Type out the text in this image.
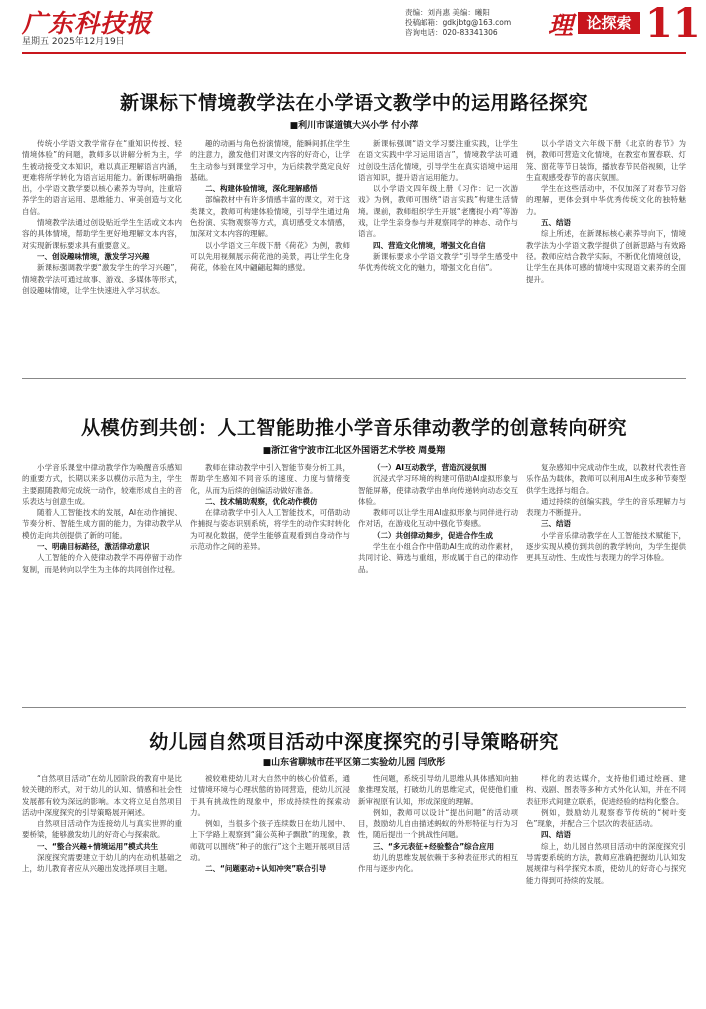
广东科技报
星期五 2025年12月19日
责编：刘肖惠 美编：曦阳
投稿邮箱：gdkjbtg@163.com
咨询电话：020-83341306	理 论探索 11
新课标下情境教学法在小学语文教学中的运用路径探究
■利川市谋道镇大兴小学 付小萍

传统小学语文教学常存在“重知识传授、轻情境体验”的问题，教师多以讲解分析为主，学生被动接受文本知识，难以真正理解语言内涵，更难将所学转化为语言运用能力。新课标明确指出，小学语文教学要以核心素养为导向，注重培养学生的语言运用、思维能力、审美创造与文化自信。

情境教学法通过创设贴近学生生活或文本内容的具体情境，帮助学生更好地理解文本内容，对实现新课标要求具有重要意义。

一、创设趣味情境，激发学习兴趣

新课标强调教学要“激发学生的学习兴趣”，情境教学法可通过故事、游戏、多媒体等形式，创设趣味情境，让学生快速进入学习状态。

趣的动画与角色扮演情境，能瞬间抓住学生的注意力，激发他们对课文内容的好奇心，让学生主动参与到课堂学习中，为后续教学奠定良好基础。

二、构建体验情境，深化理解感悟

部编教材中有许多情感丰富的课文，对于这类课文，教师可构建体验情境，引导学生通过角色扮演、实物观察等方式，真切感受文本情感，加深对文本内容的理解。

以小学语文三年级下册《荷花》为例，教师可以先用视频展示荷花池的美景，再让学生化身荷花，体验在风中翩翩起舞的感觉。

新课标强调“语文学习要注重实践，让学生在语文实践中学习运用语言”，情境教学法可通过创设生活化情境，引导学生在真实语境中运用语言知识，提升语言运用能力。

以小学语文四年级上册《习作：记一次游戏》为例，教师可围绕“语言实践”构建生活情境。课前，教师组织学生开展“老鹰捉小鸡”等游戏，让学生亲身参与并观察同学的神态、动作与语言。

四、营造文化情境，增强文化自信

新课标要求小学语文教学“引导学生感受中华优秀传统文化的魅力，增强文化自信”。

以小学语文六年级下册《北京的春节》为例，教师可营造文化情境，在教室布置春联、灯笼、窗花等节日装饰，播放春节民俗视频，让学生直观感受春节的喜庆氛围。

学生在这些活动中，不仅加深了对春节习俗的理解，更体会到中华优秀传统文化的独特魅力。

五、结语

综上所述，在新课标核心素养导向下，情境教学法为小学语文教学提供了创新思路与有效路径。教师应结合教学实际，不断优化情境创设，让学生在具体可感的情境中实现语文素养的全面提升。

从模仿到共创：人工智能助推小学音乐律动教学的创意转向研究
■浙江省宁波市江北区外国语艺术学校 周曼翔

小学音乐课堂中律动教学作为唤醒音乐感知的重要方式，长期以来多以模仿示范为主，学生主要跟随教师完成统一动作，较难形成自主的音乐表达与创意生成。

随着人工智能技术的发展，AI在动作捕捉、节奏分析、智能生成方面的能力，为律动教学从模仿走向共创提供了新的可能。

一、明确目标路径，激活律动意识

人工智能的介入使律动教学不再停留于动作复制，而是转向以学生为主体的共同创作过程。

教师在律动教学中引入智能节奏分析工具，帮助学生感知不同音乐的速度、力度与情绪变化，从而为后续的创编活动做好准备。

二、技术辅助观察，优化动作模仿

在律动教学中引入人工智能技术，可借助动作捕捉与姿态识别系统，将学生的动作实时转化为可视化数据，使学生能够直观看到自身动作与示范动作之间的差异。

（一）AI互动教学，营造沉浸氛围

沉浸式学习环境的构建可借助AI虚拟形象与智能屏幕，使律动教学由单向传递转向动态交互体验。

教师可以让学生用AI虚拟形象与同伴进行动作对话，在游戏化互动中强化节奏感。

（二）共创律动舞步，促进合作生成

学生在小组合作中借助AI生成的动作素材，共同讨论、筛选与重组，形成属于自己的律动作品。

复杂感知中完成动作生成，以教材代表性音乐作品为载体，教师可以利用AI生成多种节奏型供学生选择与组合。

通过持续的创编实践，学生的音乐理解力与表现力不断提升。

三、结语

小学音乐律动教学在人工智能技术赋能下，逐步实现从模仿到共创的教学转向，为学生提供更具互动性、生成性与表现力的学习体验。

幼儿园自然项目活动中深度探究的引导策略研究
■山东省聊城市茌平区第二实验幼儿园 闫欣彤

“自然项目活动”在幼儿园阶段的教育中是比较关键的形式，对于幼儿的认知、情感和社会性发展都有较为深远的影响。本文将立足自然项目活动中深度探究的引导策略展开阐述。

自然项目活动作为连接幼儿与真实世界的重要桥梁，能够激发幼儿的好奇心与探索欲。

一、“整合兴趣+情境运用”模式共生

深度探究需要建立于幼儿的内在动机基础之上，幼儿教育者应从兴趣出发选择项目主题。

被较难使幼儿对大自然中的核心价值系，通过情境环境与心理状態的协同营造，使幼儿沉浸于具有挑战性的现象中，形成持续性的探索动力。

例如，当很多个孩子连续数日在幼儿园中、上下学路上观察到“蒲公英种子飘散”的现象，教师就可以围绕“种子的旅行”这个主题开展项目活动。

二、“问题驱动+认知冲突”联合引导

性问题，系统引导幼儿思维从具体感知向抽象推理发展，打破幼儿的思维定式，促使他们重新审视原有认知，形成深度的理解。

例如，教师可以设计“提出问题”的活动项目，鼓励幼儿自由描述蚂蚁的外形特征与行为习性，随后提出一个挑战性问题。

三、“多元表征+经验整合”综合应用

幼儿的思维发展依赖于多种表征形式的相互作用与逐步内化。

样化的表达媒介，支持他们通过绘画、建构、戏剧、图表等多种方式外化认知，并在不同表征形式间建立联系，促进经验的结构化整合。

例如，鼓励幼儿观察春节传统的“树叶变色”现象，并配合三个层次的表征活动。

四、结语

综上，幼儿园自然项目活动中的深度探究引导需要系统的方法，教师应准确把握幼儿认知发展规律与科学探究本质，使幼儿的好奇心与探究能力得到可持续的发展。
